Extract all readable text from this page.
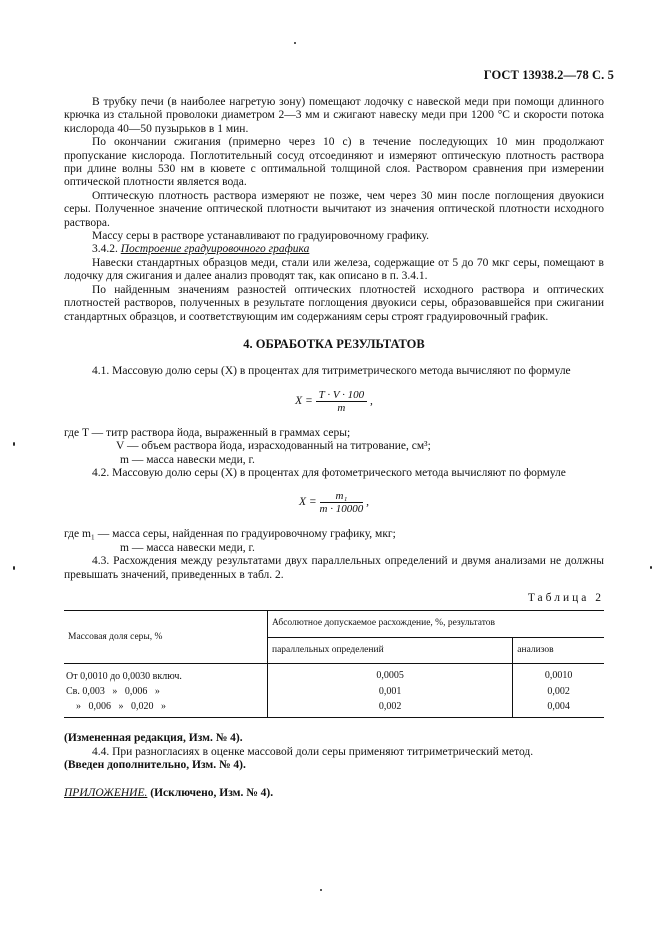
ГОСТ 13938.2—78 С. 5

В трубку печи (в наиболее нагретую зону) помещают лодочку с навеской меди при помощи длинного крючка из стальной проволоки диаметром 2—3 мм и сжигают навеску меди при 1200 °С и скорости потока кислорода 40—50 пузырьков в 1 мин.

По окончании сжигания (примерно через 10 с) в течение последующих 10 мин продолжают пропускание кислорода. Поглотительный сосуд отсоединяют и измеряют оптическую плотность раствора при длине волны 530 нм в кювете с оптимальной толщиной слоя. Раствором сравнения при измерении оптической плотности является вода.

Оптическую плотность раствора измеряют не позже, чем через 30 мин после поглощения двуокиси серы. Полученное значение оптической плотности вычитают из значения оптической плотности исходного раствора.

Массу серы в растворе устанавливают по градуировочному графику.

3.4.2. Построение градуировочного графика

Навески стандартных образцов меди, стали или железа, содержащие от 5 до 70 мкг серы, помещают в лодочку для сжигания и далее анализ проводят так, как описано в п. 3.4.1.

По найденным значениям разностей оптических плотностей исходного раствора и оптических плотностей растворов, полученных в результате поглощения двуокиси серы, образовавшейся при сжигании стандартных образцов, и соответствующим им содержаниям серы строят градуировочный график.

4. ОБРАБОТКА РЕЗУЛЬТАТОВ

4.1. Массовую долю серы (X) в процентах для титриметрического метода вычисляют по формуле

$X = \frac{T \cdot V \cdot 100}{m}$ ,

где T — титр раствора йода, выраженный в граммах серы;

V — объем раствора йода, израсходованный на титрование, см³;

m — масса навески меди, г.

4.2. Массовую долю серы (X) в процентах для фотометрического метода вычисляют по формуле

$X = \frac{\text{m₁}}{m \cdot 10000}$ ,

где m₁ — масса серы, найденная по градуировочному графику, мкг;

m — масса навески меди, г.

4.3. Расхождения между результатами двух параллельных определений и двумя анализами не должны превышать значений, приведенных в табл. 2.

Таблица 2
Массовая доля серы, %	Абсолютное допускаемое расхождение, %, результатов	
	параллельных определений	анализов
От 0,0010 до 0,0030 включ.	0,0005	0,0010
Св. 0,003   »   0,006   »	0,001	0,002
»   0,006   »   0,020   »	0,002	0,004

(Измененная редакция, Изм. № 4).

4.4. При разногласиях в оценке массовой доли серы применяют титриметрический метод.

(Введен дополнительно, Изм. № 4).

ПРИЛОЖЕНИЕ. (Исключено, Изм. № 4).
